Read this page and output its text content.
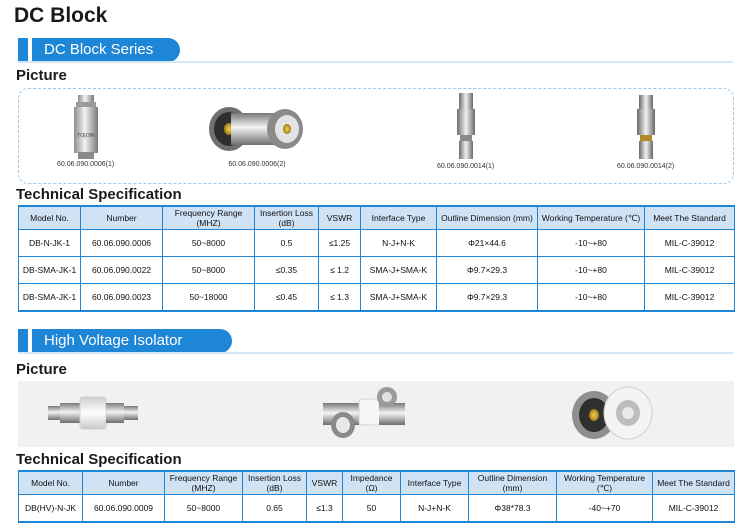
DC Block
DC Block Series
Picture
TOJOIN
60.06.090.0006(1)	60.06.090.0006(2)	60.06.090.0014(1)	60.06.090.0014(2)
Technical Specification
Model No.	Number	Frequency Range (MHZ)	Insertion Loss (dB)	VSWR	Interface Type	Outline Dimension (mm)	Working Temperature (℃)	Meet The Standard
DB-N-JK-1	60.06.090.0006	50~8000	0.5	≤1.25	N-J+N-K	Φ21×44.6	-10~+80	MIL-C-39012
DB-SMA-JK-1	60.06.090.0022	50~8000	≤0.35	≤ 1.2	SMA-J+SMA-K	Φ9.7×29.3	-10~+80	MIL-C-39012
DB-SMA-JK-1	60.06.090.0023	50~18000	≤0.45	≤ 1.3	SMA-J+SMA-K	Φ9.7×29.3	-10~+80	MIL-C-39012
High Voltage Isolator
Picture
Technical Specification
Model No.	Number	Frequency Range (MHZ)	Insertion Loss (dB)	VSWR	Impedance (Ω)	Interface Type	Outline Dimension (mm)	Working Temperature (℃)	Meet The Standard
DB(HV)-N-JK	60.06.090.0009	50~8000	0.65	≤1.3	50	N-J+N-K	Φ38*78.3	-40~+70	MIL-C-39012
